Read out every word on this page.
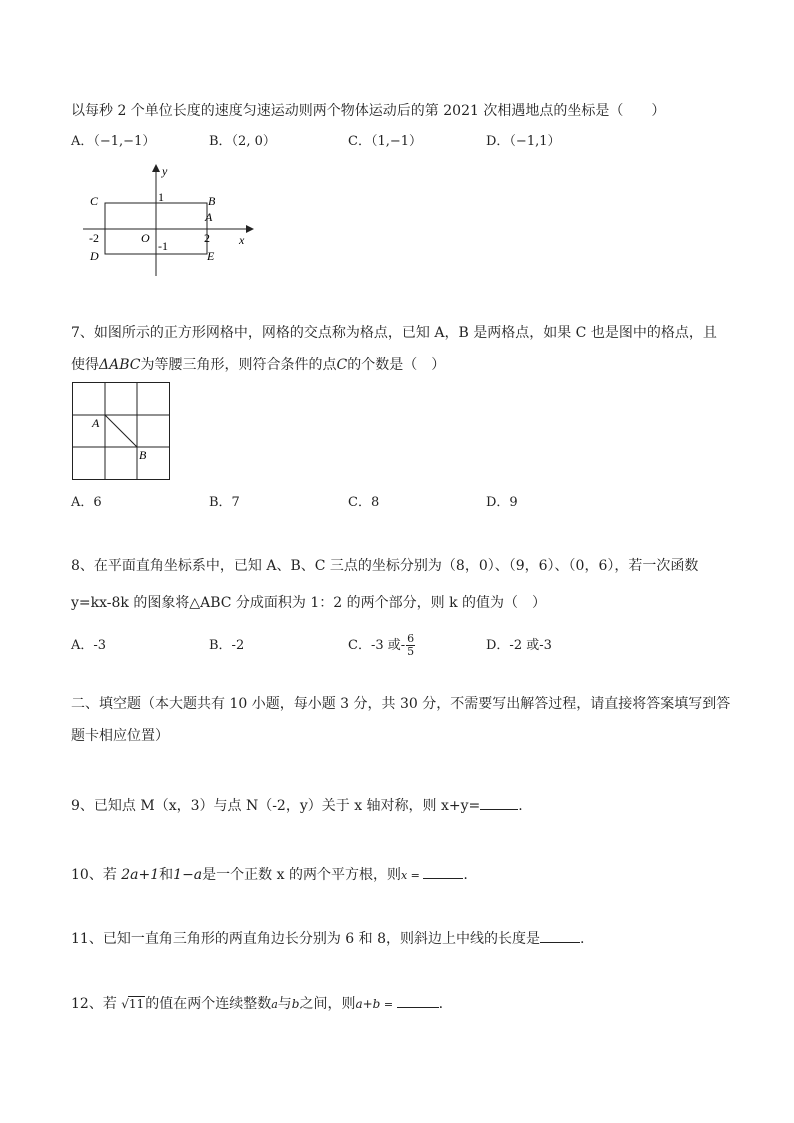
以每秒 2 个单位长度的速度匀速运动则两个物体运动后的第 2021 次相遇地点的坐标是（　　）
A．（−1,−1）	B．（2, 0）	C．（1,−1）	D．（−1,1）
y
x
C	1	B
A
-2	O	2
D
-1
E
7、如图所示的正方形网格中，网格的交点称为格点，已知 A，B 是两格点，如果 C 也是图中的格点，且
使得ΔABC为等腰三角形，则符合条件的点C的个数是（　）
A
B
A．6	B．7	C．8	D．9
8、在平面直角坐标系中，已知 A、B、C 三点的坐标分别为（8，0）、（9，6）、（0，6），若一次函数
y=kx-8k 的图象将△ABC 分成面积为 1：2 的两个部分，则 k 的值为（　）
A．-3	B．-2	C．-3 或- $\frac{6}{5}$	D．-2 或-3
二、填空题（本大题共有 10 小题，每小题 3 分，共 30 分，不需要写出解答过程，请直接将答案填写到答
题卡相应位置）
9、已知点 M（x，3）与点 N（-2，y）关于 x 轴对称，则 x+y=	.
10、若 2a+1和1−a是一个正数 x 的两个平方根，则x =	.
11、已知一直角三角形的两直角边长分别为 6 和 8，则斜边上中线的长度是	.
12、若 √11的值在两个连续整数a与b之间，则a+b =	.
